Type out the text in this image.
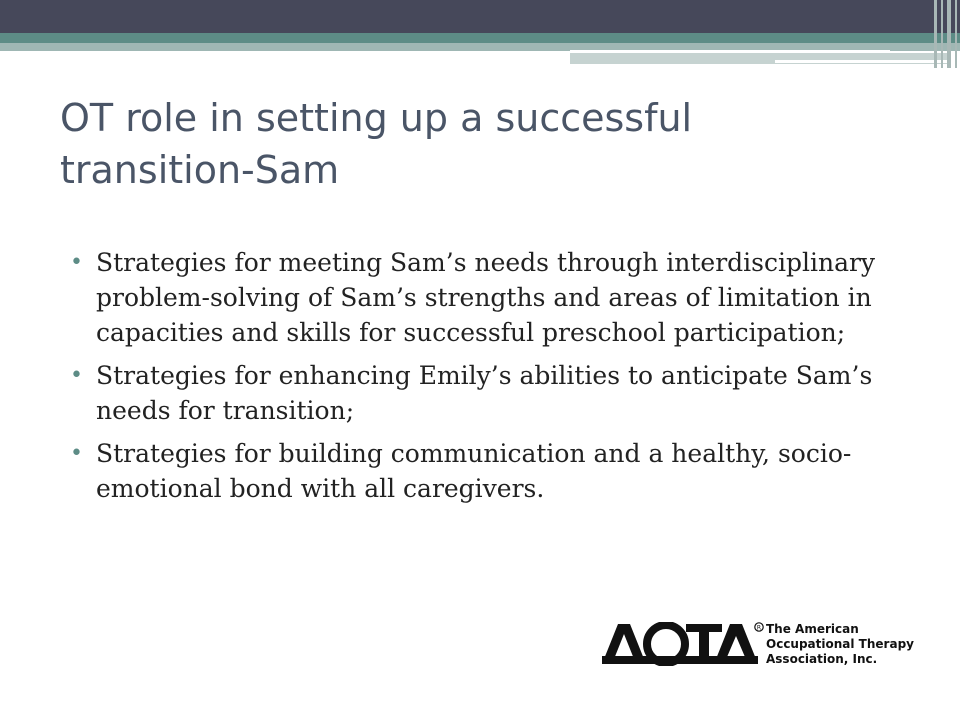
OT role in setting up a successful transition-Sam
• Strategies for meeting Sam’s needs through interdisciplinary problem-solving of Sam’s strengths and areas of limitation in capacities and skills for successful preschool participation;
• Strategies for enhancing Emily’s abilities to anticipate Sam’s needs for transition;
• Strategies for building communication and a healthy, socio-emotional bond with all caregivers.
R The American
Occupational Therapy
Association, Inc.
